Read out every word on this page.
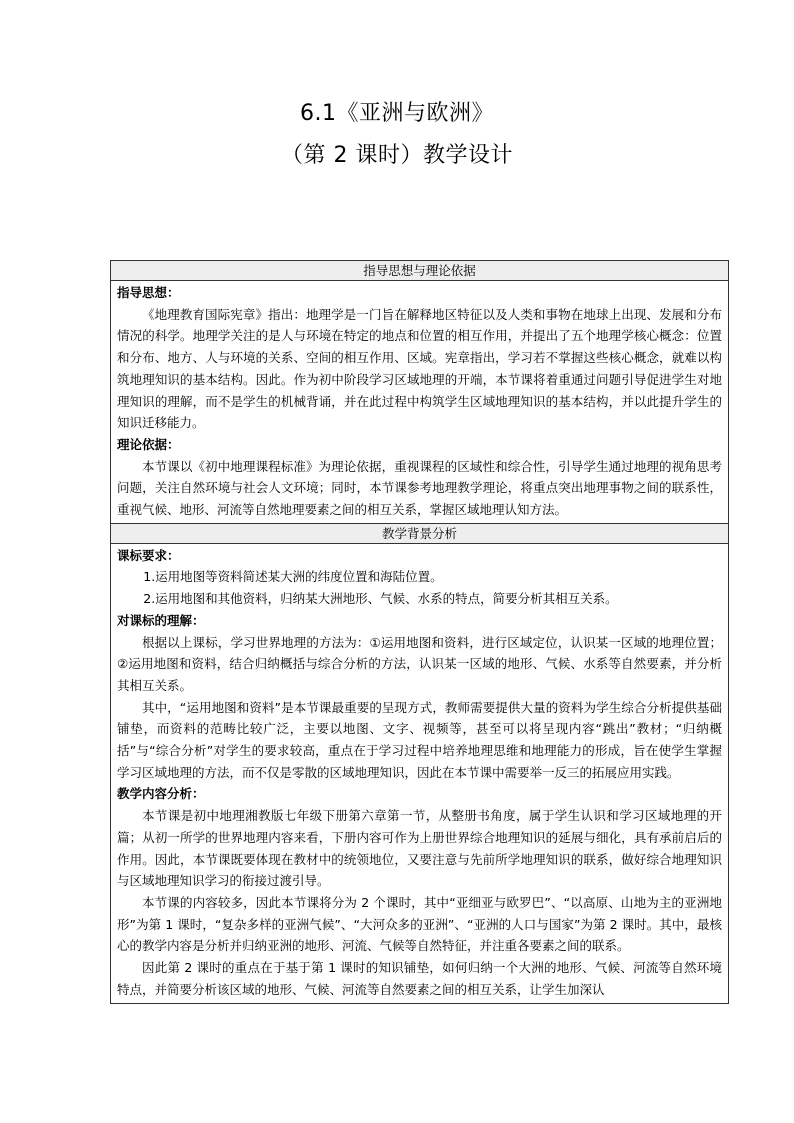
6.1《亚洲与欧洲》
（第 2 课时）教学设计
指导思想与理论依据

指导思想：

《地理教育国际宪章》指出：地理学是一门旨在解释地区特征以及人类和事物在地球上出现、发展和分布情况的科学。地理学关注的是人与环境在特定的地点和位置的相互作用，并提出了五个地理学核心概念：位置和分布、地方、人与环境的关系、空间的相互作用、区域。宪章指出，学习若不掌握这些核心概念，就难以构筑地理知识的基本结构。因此。作为初中阶段学习区域地理的开端，本节课将着重通过问题引导促进学生对地理知识的理解，而不是学生的机械背诵，并在此过程中构筑学生区域地理知识的基本结构，并以此提升学生的知识迁移能力。

理论依据：

本节课以《初中地理课程标准》为理论依据，重视课程的区域性和综合性，引导学生通过地理的视角思考问题，关注自然环境与社会人文环境；同时，本节课参考地理教学理论，将重点突出地理事物之间的联系性，重视气候、地形、河流等自然地理要素之间的相互关系，掌握区域地理认知方法。

教学背景分析

课标要求：

1.运用地图等资料简述某大洲的纬度位置和海陆位置。

2.运用地图和其他资料，归纳某大洲地形、气候、水系的特点，简要分析其相互关系。

对课标的理解：

根据以上课标，学习世界地理的方法为：①运用地图和资料，进行区域定位，认识某一区域的地理位置；②运用地图和资料，结合归纳概括与综合分析的方法，认识某一区域的地形、气候、水系等自然要素，并分析其相互关系。

其中，“运用地图和资料”是本节课最重要的呈现方式，教师需要提供大量的资料为学生综合分析提供基础铺垫，而资料的范畴比较广泛，主要以地图、文字、视频等，甚至可以将呈现内容“跳出”教材；“归纳概括”与“综合分析”对学生的要求较高，重点在于学习过程中培养地理思维和地理能力的形成，旨在使学生掌握学习区域地理的方法，而不仅是零散的区域地理知识，因此在本节课中需要举一反三的拓展应用实践。

教学内容分析：

本节课是初中地理湘教版七年级下册第六章第一节，从整册书角度，属于学生认识和学习区域地理的开篇；从初一所学的世界地理内容来看，下册内容可作为上册世界综合地理知识的延展与细化，具有承前启后的作用。因此，本节课既要体现在教材中的统领地位，又要注意与先前所学地理知识的联系，做好综合地理知识与区域地理知识学习的衔接过渡引导。

本节课的内容较多，因此本节课将分为 2 个课时，其中“亚细亚与欧罗巴”、“以高原、山地为主的亚洲地形”为第 1 课时，“复杂多样的亚洲气候”、“大河众多的亚洲”、“亚洲的人口与国家”为第 2 课时。其中，最核心的教学内容是分析并归纳亚洲的地形、河流、气候等自然特征，并注重各要素之间的联系。

因此第 2 课时的重点在于基于第 1 课时的知识铺垫，如何归纳一个大洲的地形、气候、河流等自然环境特点，并简要分析该区域的地形、气候、河流等自然要素之间的相互关系，让学生加深认
